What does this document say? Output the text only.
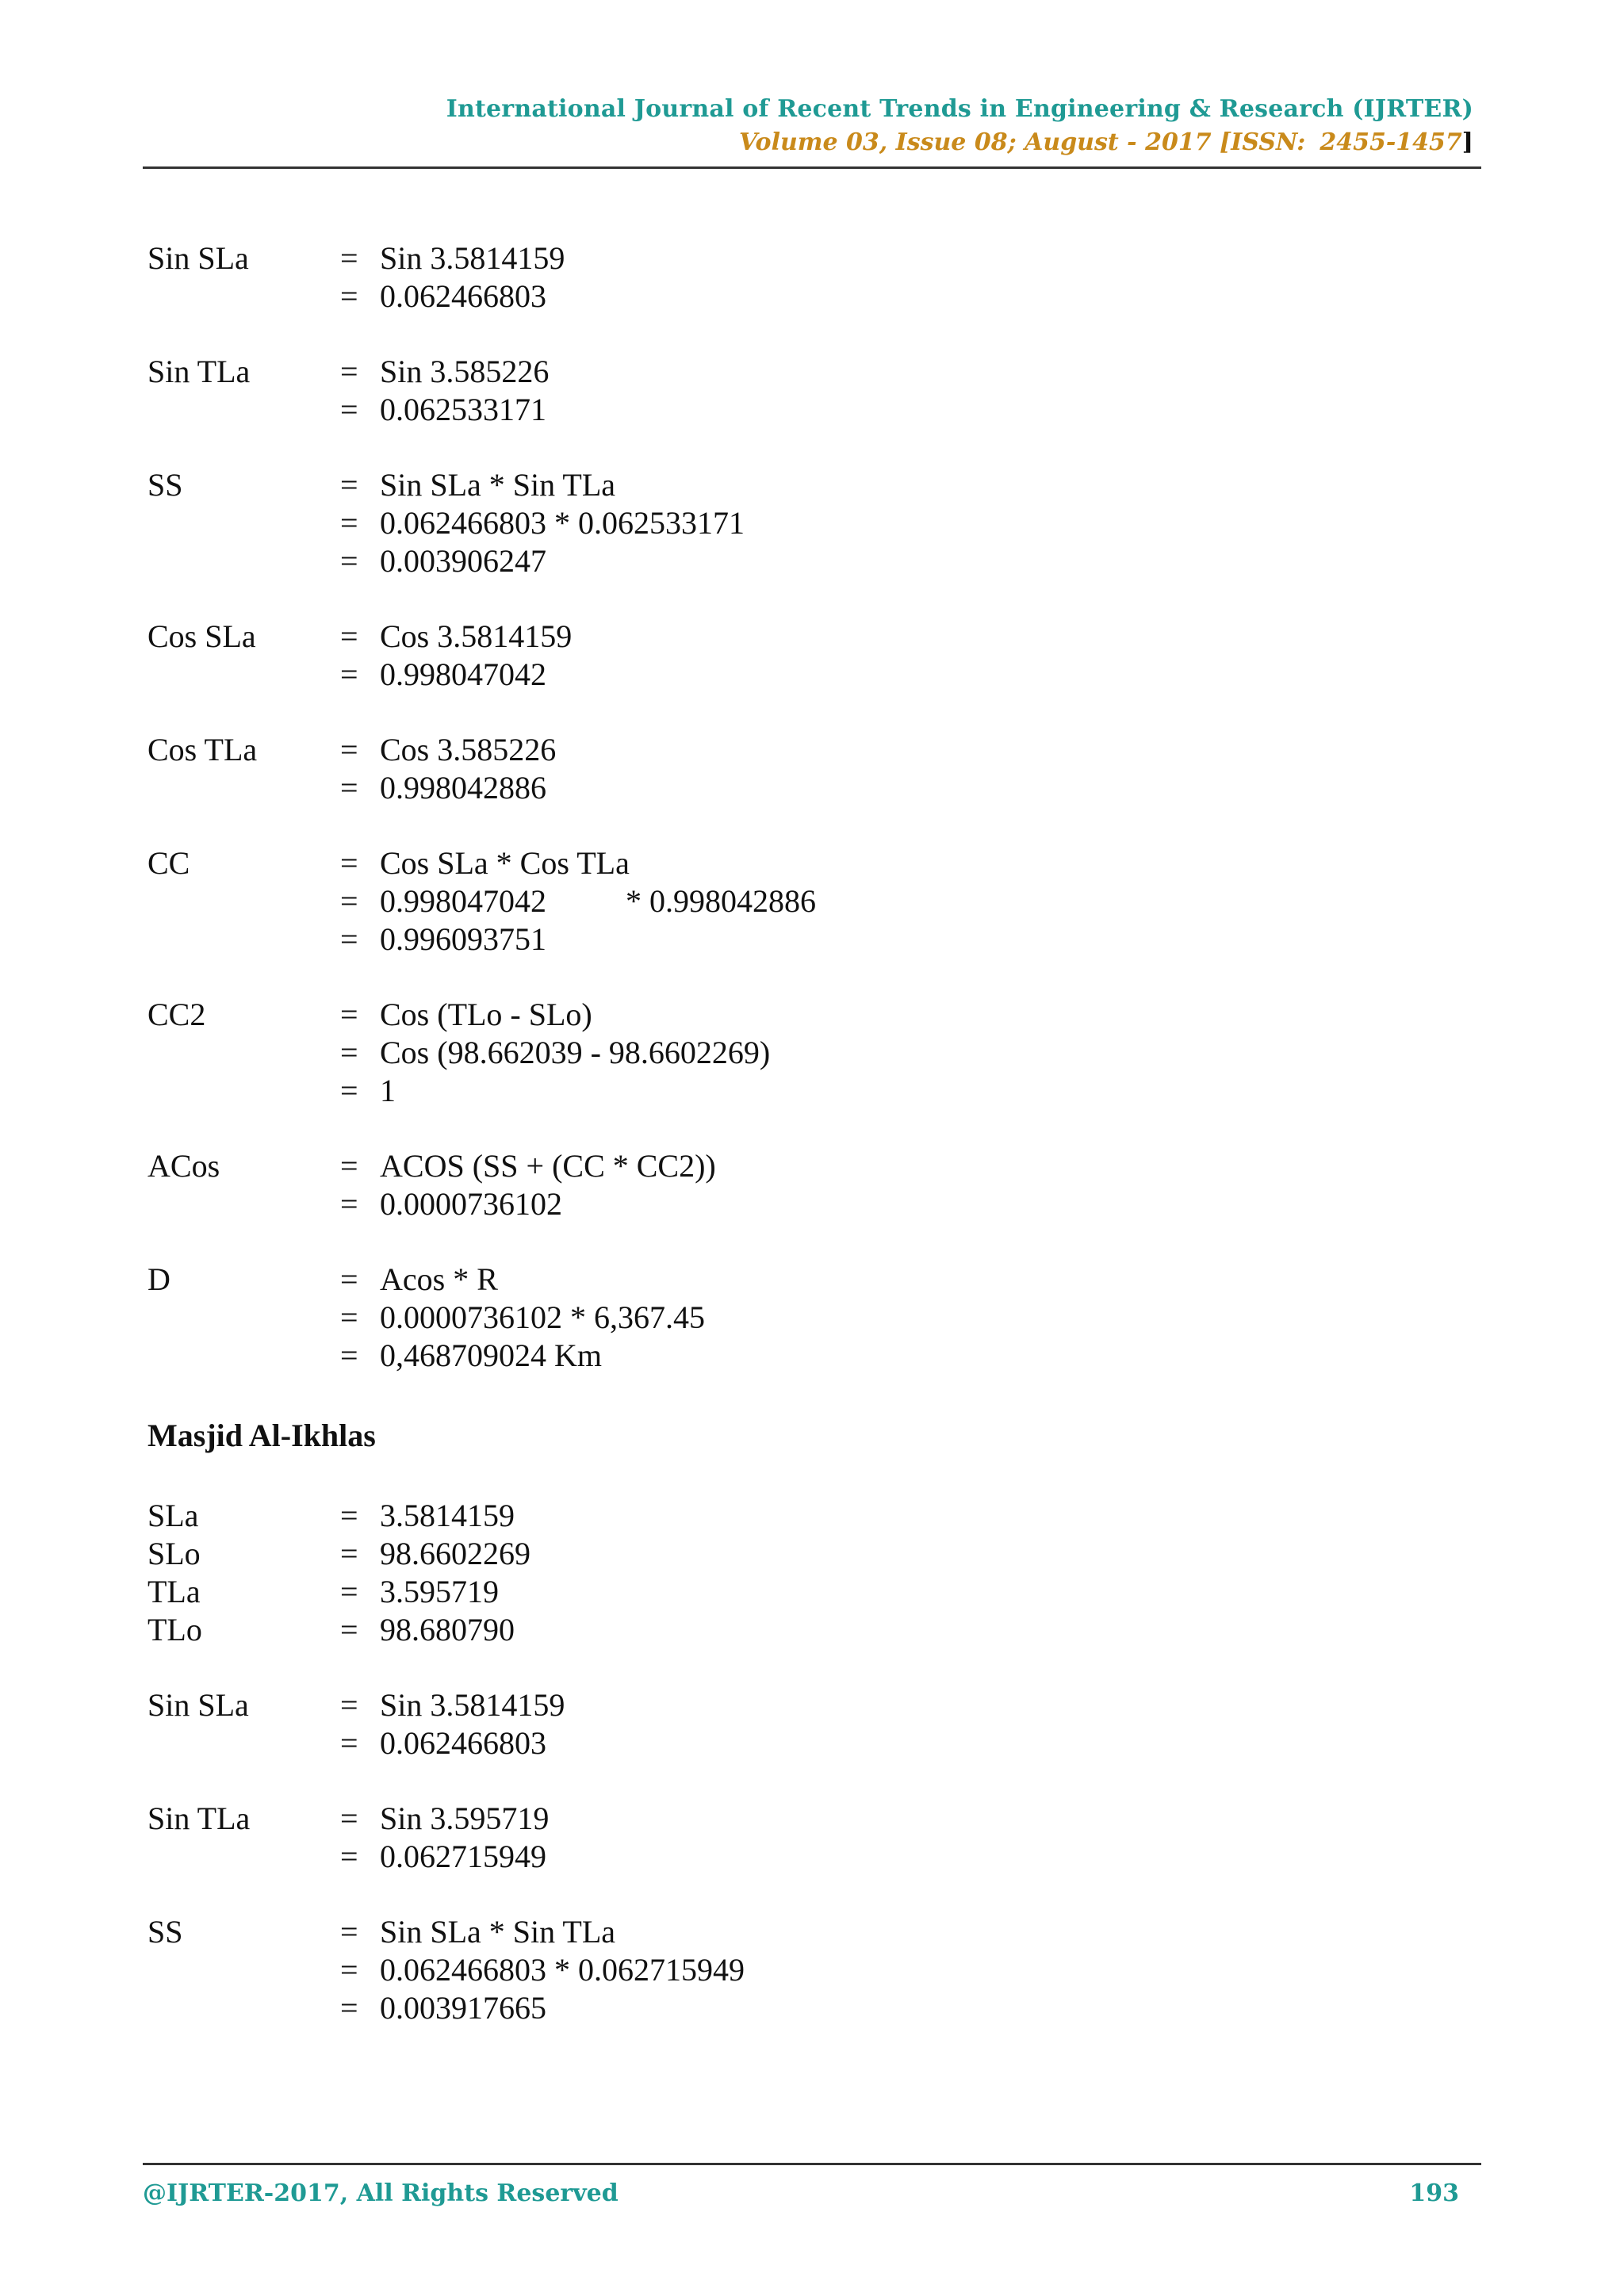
International Journal of Recent Trends in Engineering & Research (IJRTER)
Volume 03, Issue 08; August - 2017 [ISSN: 2455-1457]
Sin SLa	= Sin 3.5814159
= 0.062466803
Sin TLa	= Sin 3.585226
= 0.062533171
SS	= Sin SLa * Sin TLa
= 0.062466803 * 0.062533171
= 0.003906247
Cos SLa	= Cos 3.5814159
= 0.998047042
Cos TLa	= Cos 3.585226
= 0.998042886
CC	= Cos SLa * Cos TLa
= 0.998047042	* 0.998042886
= 0.996093751
CC2	= Cos (TLo - SLo)
= Cos (98.662039 - 98.6602269)
= 1
ACos	= ACOS (SS + (CC * CC2))
= 0.0000736102
D	= Acos * R
= 0.0000736102 * 6,367.45
= 0,468709024 Km
Masjid Al-Ikhlas
SLa	= 3.5814159
SLo	= 98.6602269
TLa	= 3.595719
TLo	= 98.680790
Sin SLa	= Sin 3.5814159
= 0.062466803
Sin TLa	= Sin 3.595719
= 0.062715949
SS	= Sin SLa * Sin TLa
= 0.062466803 * 0.062715949
= 0.003917665
@IJRTER-2017, All Rights Reserved	193
